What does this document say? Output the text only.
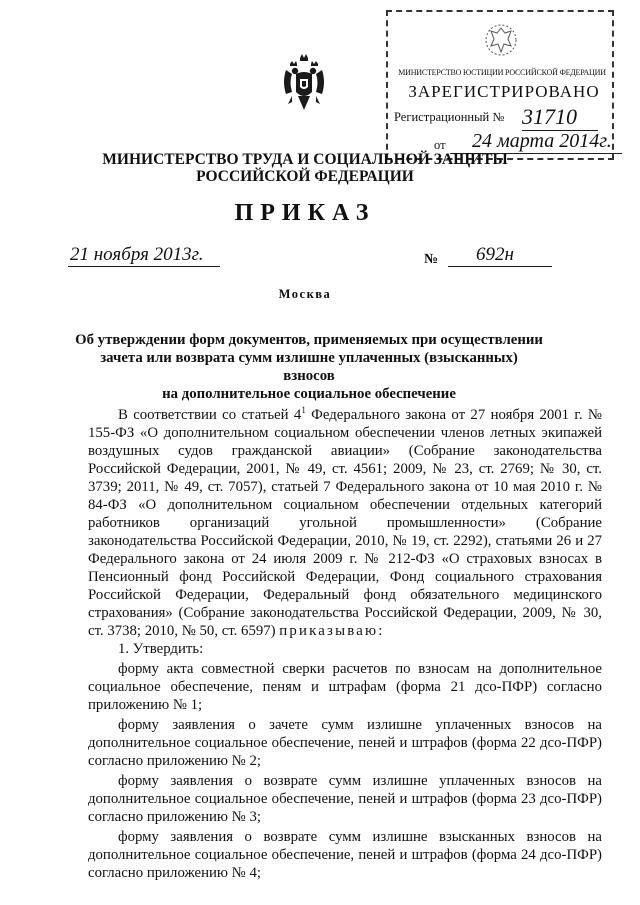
МИНИСТЕРСТВО ЮСТИЦИИ РОССИЙСКОЙ ФЕДЕРАЦИИ
ЗАРЕГИСТРИРОВАНО
Регистрационный № 31710
от	24 марта 2014г.
МИНИСТЕРСТВО ТРУДА И СОЦИАЛЬНОЙ ЗАЩИТЫ
РОССИЙСКОЙ ФЕДЕРАЦИИ
ПРИКАЗ
21 ноября 2013г.	№	692н
Москва
Об утверждении форм документов, применяемых при осуществлении
зачета или возврата сумм излишне уплаченных (взысканных) взносов
на дополнительное социальное обеспечение

В соответствии со статьей $4^1$ Федерального закона от 27 ноября 2001 г. № 155-ФЗ «О дополнительном социальном обеспечении членов летных экипажей воздушных судов гражданской авиации» (Собрание законодательства Российской Федерации, 2001, № 49, ст. 4561; 2009, № 23, ст. 2769; № 30, ст. 3739; 2011, № 49, ст. 7057), статьей 7 Федерального закона от 10 мая 2010 г. № 84-ФЗ «О дополнительном социальном обеспечении отдельных категорий работников организаций угольной промышленности» (Собрание законодательства Российской Федерации, 2010, № 19, ст. 2292), статьями 26 и 27 Федерального закона от 24 июля 2009 г. № 212-ФЗ «О страховых взносах в Пенсионный фонд Российской Федерации, Фонд социального страхования Российской Федерации, Федеральный фонд обязательного медицинского страхования» (Собрание законодательства Российской Федерации, 2009, № 30, ст. 3738; 2010, № 50, ст. 6597) приказываю:

1. Утвердить:

форму акта совместной сверки расчетов по взносам на дополнительное социальное обеспечение, пеням и штрафам (форма 21 дсо-ПФР) согласно приложению № 1;

форму заявления о зачете сумм излишне уплаченных взносов на дополнительное социальное обеспечение, пеней и штрафов (форма 22 дсо-ПФР) согласно приложению № 2;

форму заявления о возврате сумм излишне уплаченных взносов на дополнительное социальное обеспечение, пеней и штрафов (форма 23 дсо-ПФР) согласно приложению № 3;

форму заявления о возврате сумм излишне взысканных взносов на дополнительное социальное обеспечение, пеней и штрафов (форма 24 дсо-ПФР) согласно приложению № 4;
